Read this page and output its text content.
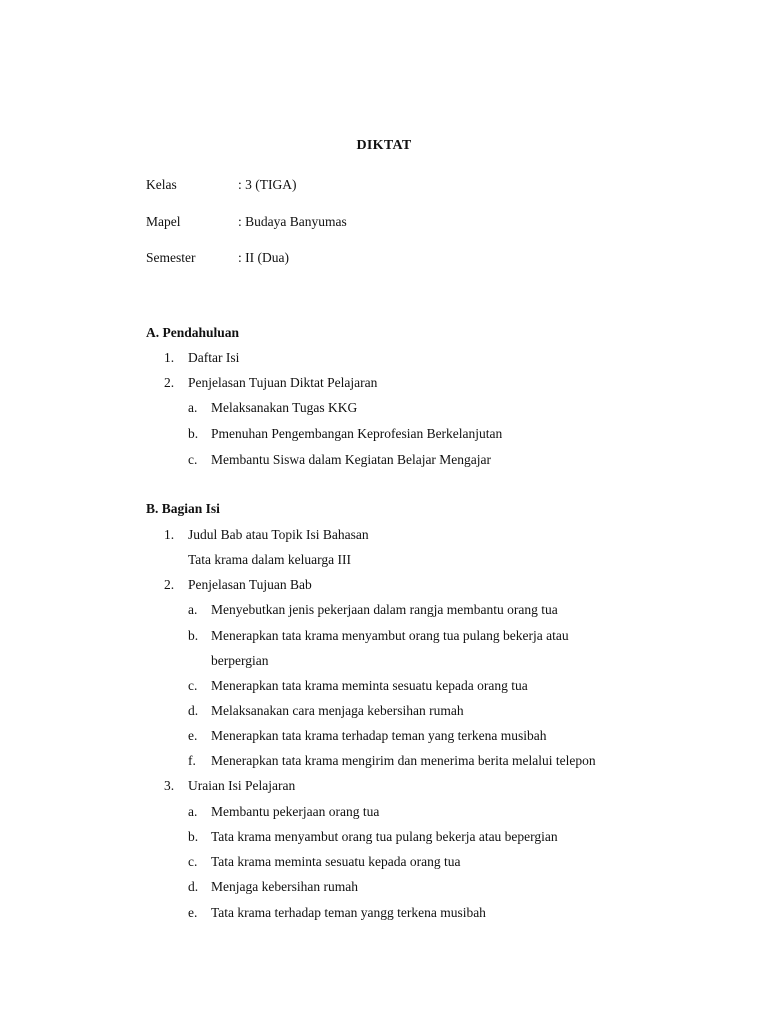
DIKTAT
Kelas	: 3 (TIGA)
Mapel	: Budaya Banyumas
Semester	: II (Dua)
A. Pendahuluan
1. Daftar Isi
2. Penjelasan Tujuan Diktat Pelajaran
a. Melaksanakan Tugas KKG
b. Pmenuhan Pengembangan Keprofesian Berkelanjutan
c. Membantu Siswa dalam Kegiatan Belajar Mengajar
B. Bagian Isi
1. Judul Bab atau Topik Isi Bahasan
Tata krama dalam keluarga III
2. Penjelasan Tujuan Bab
a. Menyebutkan jenis pekerjaan dalam rangja membantu orang tua
b. Menerapkan tata krama menyambut orang tua pulang bekerja atau
berpergian
c. Menerapkan tata krama meminta sesuatu kepada orang tua
d. Melaksanakan cara menjaga kebersihan rumah
e. Menerapkan tata krama terhadap teman yang terkena musibah
f. Menerapkan tata krama mengirim dan menerima berita melalui telepon
3. Uraian Isi Pelajaran
a. Membantu pekerjaan orang tua
b. Tata krama menyambut orang tua pulang bekerja atau bepergian
c. Tata krama meminta sesuatu kepada orang tua
d. Menjaga kebersihan rumah
e. Tata krama terhadap teman yangg terkena musibah
